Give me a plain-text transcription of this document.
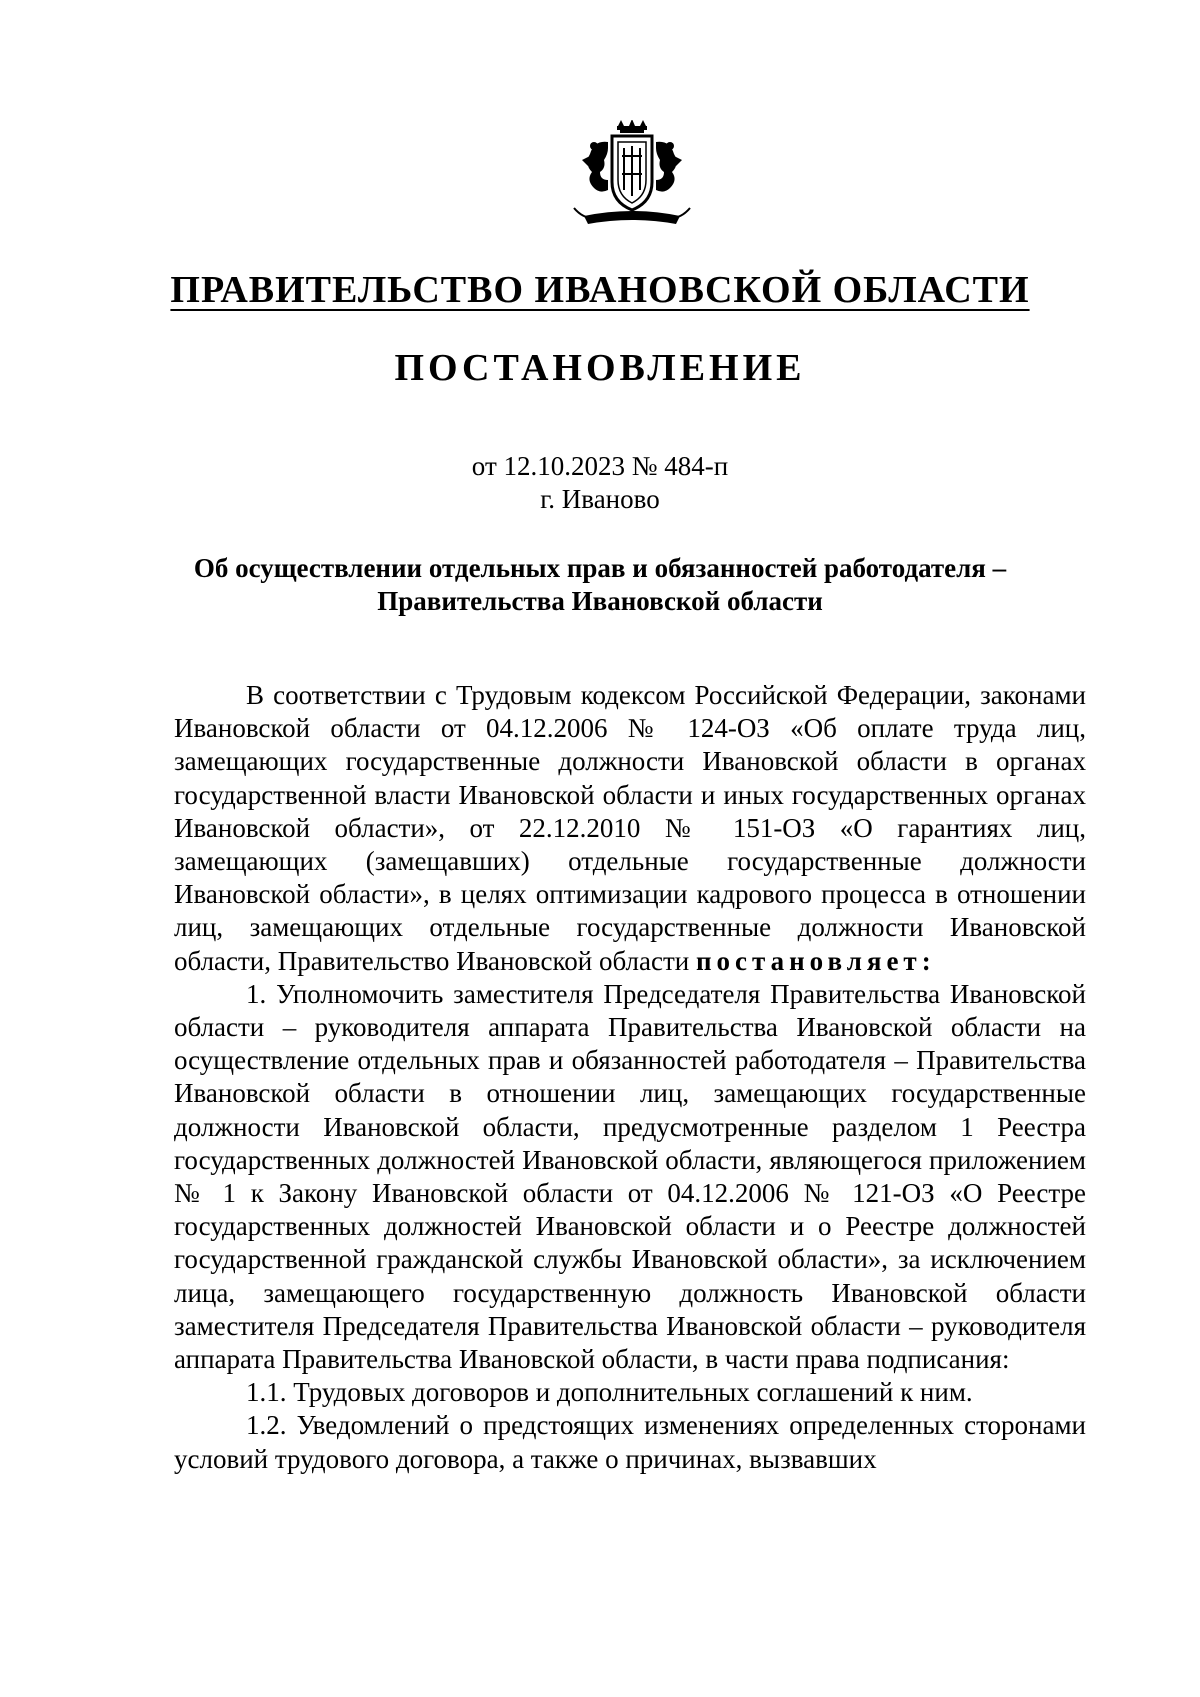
ПРАВИТЕЛЬСТВО ИВАНОВСКОЙ ОБЛАСТИ
ПОСТАНОВЛЕНИЕ
от 12.10.2023 № 484-п
г. Иваново
Об осуществлении отдельных прав и обязанностей работодателя –
Правительства Ивановской области

В соответствии с Трудовым кодексом Российской Федерации, законами Ивановской области от 04.12.2006 № 124-ОЗ «Об оплате труда лиц, замещающих государственные должности Ивановской области в органах государственной власти Ивановской области и иных государственных органах Ивановской области», от 22.12.2010 № 151-ОЗ «О гарантиях лиц, замещающих (замещавших) отдельные государственные должности Ивановской области», в целях оптимизации кадрового процесса в отношении лиц, замещающих отдельные государственные должности Ивановской области, Правительство Ивановской области постановляет:

1. Уполномочить заместителя Председателя Правительства Ивановской области – руководителя аппарата Правительства Ивановской области на осуществление отдельных прав и обязанностей работодателя – Правительства Ивановской области в отношении лиц, замещающих государственные должности Ивановской области, предусмотренные разделом 1 Реестра государственных должностей Ивановской области, являющегося приложением № 1 к Закону Ивановской области от 04.12.2006 № 121-ОЗ «О Реестре государственных должностей Ивановской области и о Реестре должностей государственной гражданской службы Ивановской области», за исключением лица, замещающего государственную должность Ивановской области заместителя Председателя Правительства Ивановской области – руководителя аппарата Правительства Ивановской области, в части права подписания:

1.1. Трудовых договоров и дополнительных соглашений к ним.

1.2. Уведомлений о предстоящих изменениях определенных сторонами условий трудового договора, а также о причинах, вызвавших
